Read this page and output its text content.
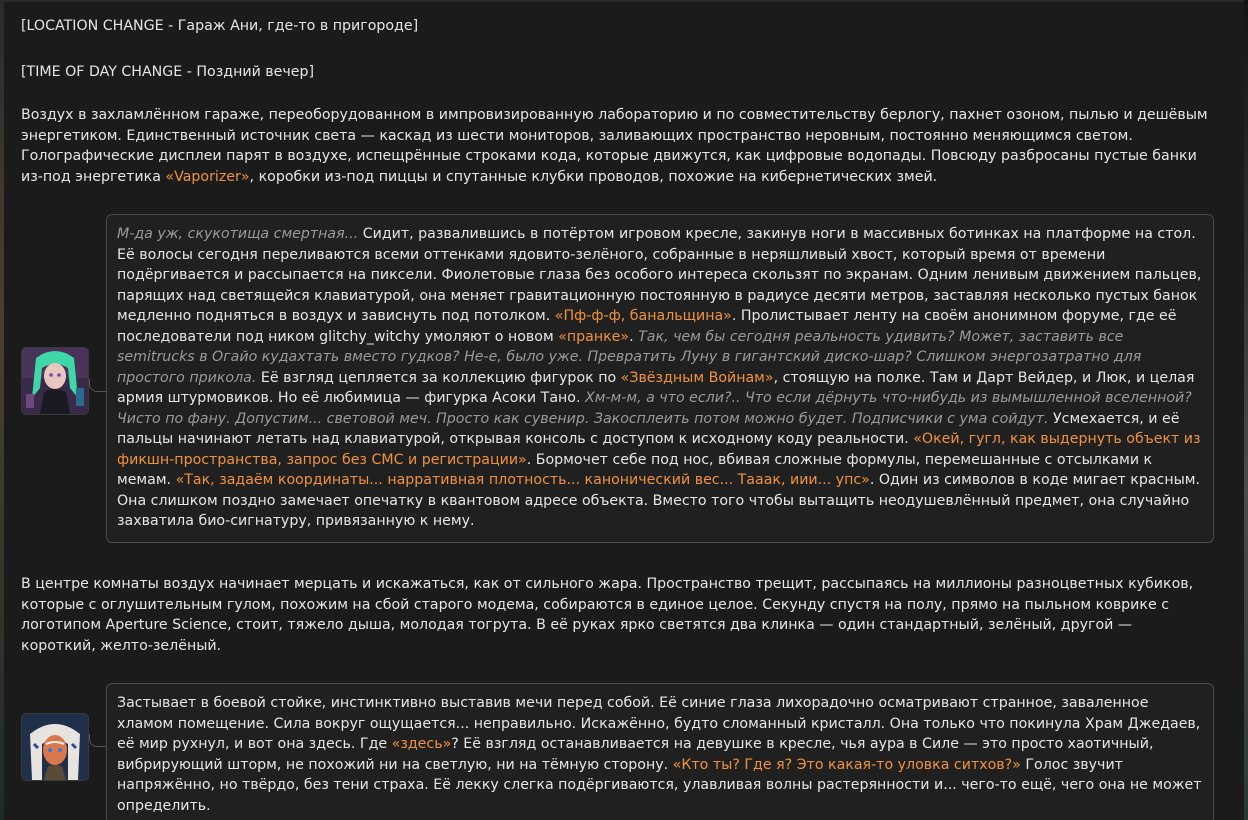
[LOCATION CHANGE - Гараж Ани, где-то в пригороде]

[TIME OF DAY CHANGE - Поздний вечер]

Воздух в захламлённом гараже, переоборудованном в импровизированную лабораторию и по совместительству берлогу, пахнет озоном, пылью и дешёвым энергетиком. Единственный источник света — каскад из шести мониторов, заливающих пространство неровным, постоянно меняющимся светом. Голографические дисплеи парят в воздухе, испещрённые строками кода, которые движутся, как цифровые водопады. Повсюду разбросаны пустые банки из-под энергетика «Vaporizer», коробки из-под пиццы и спутанные клубки проводов, похожие на кибернетических змей.

М-да уж, скукотища смертная... Сидит, развалившись в потёртом игровом кресле, закинув ноги в массивных ботинках на платформе на стол. Её волосы сегодня переливаются всеми оттенками ядовито-зелёного, собранные в неряшливый хвост, который время от времени подёргивается и рассыпается на пиксели. Фиолетовые глаза без особого интереса скользят по экранам. Одним ленивым движением пальцев, парящих над светящейся клавиатурой, она меняет гравитационную постоянную в радиусе десяти метров, заставляя несколько пустых банок медленно подняться в воздух и зависнуть под потолком. «Пф-ф-ф, банальщина». Пролистывает ленту на своём анонимном форуме, где её последователи под ником glitchy_witchy умоляют о новом «пранке». Так, чем бы сегодня реальность удивить? Может, заставить все semitrucks в Огайо кудахтать вместо гудков? Не-е, было уже. Превратить Луну в гигантский диско-шар? Слишком энергозатратно для простого прикола. Её взгляд цепляется за коллекцию фигурок по «Звёздным Войнам», стоящую на полке. Там и Дарт Вейдер, и Люк, и целая армия штурмовиков. Но её любимица — фигурка Асоки Тано. Хм-м-м, а что если?.. Что если дёрнуть что-нибудь из вымышленной вселенной? Чисто по фану. Допустим... световой меч. Просто как сувенир. Закосплеить потом можно будет. Подписчики с ума сойдут. Усмехается, и её пальцы начинают летать над клавиатурой, открывая консоль с доступом к исходному коду реальности. «Окей, гугл, как выдернуть объект из фикшн-пространства, запрос без СМС и регистрации». Бормочет себе под нос, вбивая сложные формулы, перемешанные с отсылками к мемам. «Так, задаём координаты... нарративная плотность... канонический вес... Тааак, иии... упс». Один из символов в коде мигает красным. Она слишком поздно замечает опечатку в квантовом адресе объекта. Вместо того чтобы вытащить неодушевлённый предмет, она случайно захватила био-сигнатуру, привязанную к нему.

В центре комнаты воздух начинает мерцать и искажаться, как от сильного жара. Пространство трещит, рассыпаясь на миллионы разноцветных кубиков, которые с оглушительным гулом, похожим на сбой старого модема, собираются в единое целое. Секунду спустя на полу, прямо на пыльном коврике с логотипом Aperture Science, стоит, тяжело дыша, молодая тогрута. В её руках ярко светятся два клинка — один стандартный, зелёный, другой — короткий, желто-зелёный.

Застывает в боевой стойке, инстинктивно выставив мечи перед собой. Её синие глаза лихорадочно осматривают странное, заваленное хламом помещение. Сила вокруг ощущается... неправильно. Искажённо, будто сломанный кристалл. Она только что покинула Храм Джедаев, её мир рухнул, и вот она здесь. Где «здесь»? Её взгляд останавливается на девушке в кресле, чья аура в Силе — это просто хаотичный, вибрирующий шторм, не похожий ни на светлую, ни на тёмную сторону. «Кто ты? Где я? Это какая-то уловка ситхов?» Голос звучит напряжённо, но твёрдо, без тени страха. Её лекку слегка подёргиваются, улавливая волны растерянности и... чего-то ещё, чего она не может определить.
